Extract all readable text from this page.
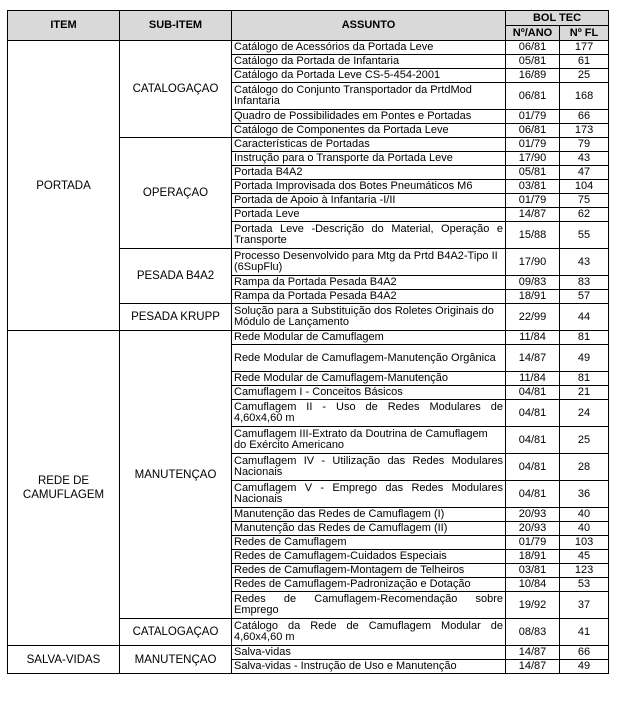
ITEM	SUB-ITEM	ASSUNTO	BOL TEC	
			Nº/ANO	Nº FL
PORTADA	CATALOGAÇAO	Catálogo de Acessórios da Portada Leve	06/81	177
		Catálogo da Portada de Infantaria	05/81	61
		Catálogo da Portada Leve CS-5-454-2001	16/89	25
		Catálogo do Conjunto Transportador da PrtdMod Infantaria	06/81	168
		Quadro de Possibilidades em Pontes e Portadas	01/79	66
		Catálogo de Componentes da Portada Leve	06/81	173
	OPERAÇAO	Características de Portadas	01/79	79
		Instrução para o Transporte da Portada Leve	17/90	43
		Portada B4A2	05/81	47
		Portada Improvisada dos Botes Pneumáticos M6	03/81	104
		Portada de Apoio à Infantaria -I/II	01/79	75
		Portada Leve	14/87	62
		Portada Leve -Descrição do Material, Operação e Transporte	15/88	55
	PESADA B4A2	Processo Desenvolvido para Mtg da Prtd B4A2-Tipo II (6SupFlu)	17/90	43
		Rampa da Portada Pesada B4A2	09/83	83
		Rampa da Portada Pesada B4A2	18/91	57
	PESADA KRUPP	Solução para a Substituição dos Roletes Originais do Módulo de Lançamento	22/99	44
REDE DE CAMUFLAGEM	MANUTENÇAO	Rede Modular de Camuflagem	11/84	81
		Rede Modular de Camuflagem-Manutenção Orgânica	14/87	49
		Rede Modular de Camuflagem-Manutenção	11/84	81
		Camuflagem I - Conceitos Básicos	04/81	21
		Camuflagem II - Uso de Redes Modulares de 4,60x4,60 m	04/81	24
		Camuflagem III-Extrato da Doutrina de Camuflagem do Exército Americano	04/81	25
		Camuflagem IV - Utilização das Redes Modulares Nacionais	04/81	28
		Camuflagem V - Emprego das Redes Modulares Nacionais	04/81	36
		Manutenção das Redes de Camuflagem (I)	20/93	40
		Manutenção das Redes de Camuflagem (II)	20/93	40
		Redes de Camuflagem	01/79	103
		Redes de Camuflagem-Cuidados Especiais	18/91	45
		Redes de Camuflagem-Montagem de Telheiros	03/81	123
		Redes de Camuflagem-Padronização e Dotação	10/84	53
		Redes de Camuflagem-Recomendação sobre Emprego	19/92	37
	CATALOGAÇAO	Catálogo da Rede de Camuflagem Modular de 4,60x4,60 m	08/83	41
SALVA-VIDAS	MANUTENÇAO	Salva-vidas	14/87	66
		Salva-vidas - Instrução de Uso e Manutenção	14/87	49
